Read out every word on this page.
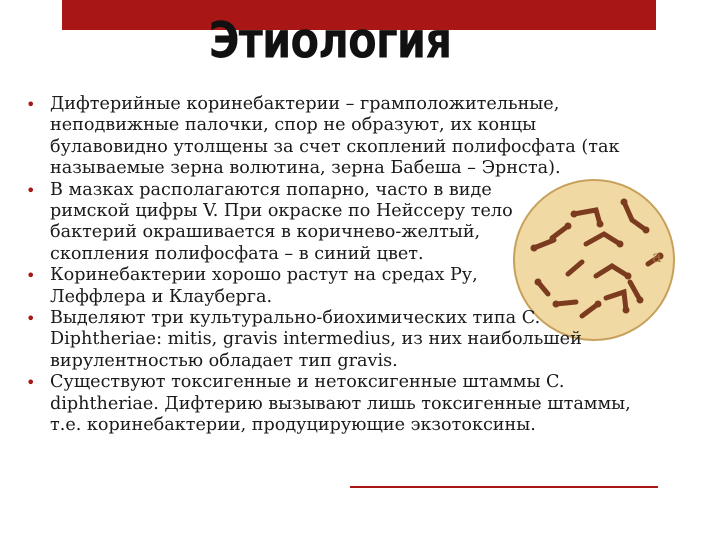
Этиология
а
• Дифтерийные коринебактерии – грамположительные,
неподвижные палочки, спор не образуют, их концы
булавовидно утолщены за счет скоплений полифосфата (так
называемые зерна волютина, зерна Бабеша – Эрнста).
• В мазках располагаются попарно, часто в виде
римской цифры V. При окраске по Нейссеру тело
бактерий окрашивается в коричнево-желтый,
скопления полифосфата – в синий цвет.
• Коринебактерии хорошо растут на средах Ру,
Леффлера и Клауберга.
• Выделяют три культурально-биохимических типа C.
Diphtheriae: mitis, gravis intermedius, из них наибольшей
вирулентностью обладает тип gravis.
• Существуют токсигенные и нетоксигенные штаммы C.
diphtheriae. Дифтерию вызывают лишь токсигенные штаммы,
т.е. коринебактерии, продуцирующие экзотоксины.
